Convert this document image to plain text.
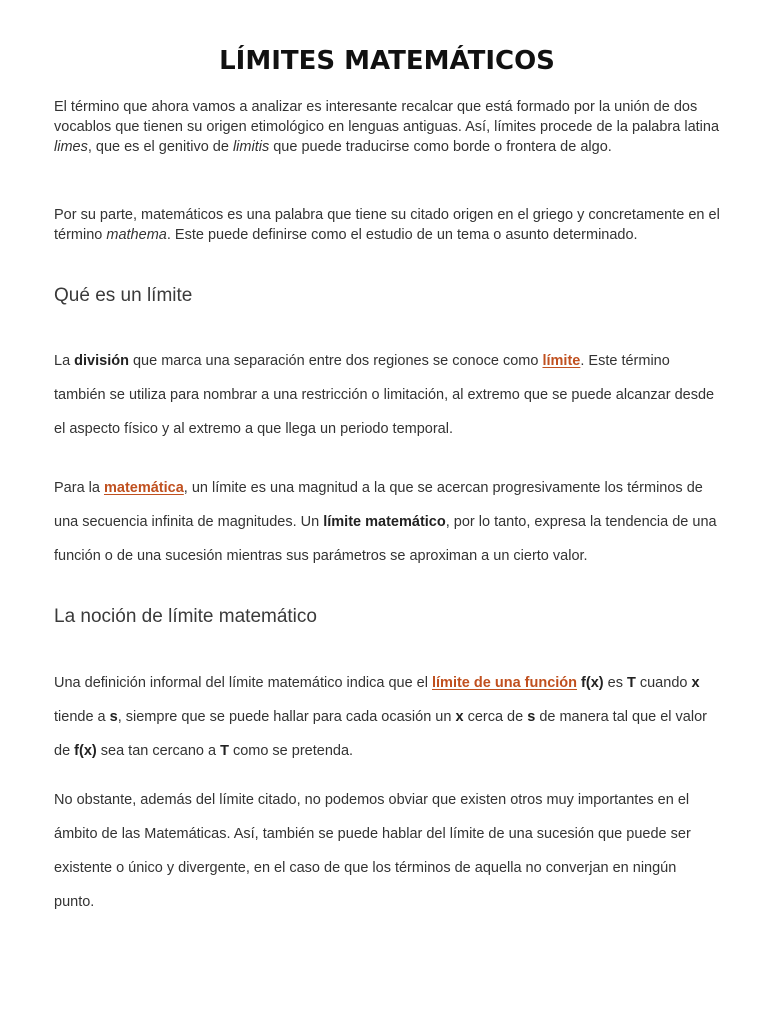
LÍMITES MATEMÁTICOS

El término que ahora vamos a analizar es interesante recalcar que está formado por la unión de dos vocablos que tienen su origen etimológico en lenguas antiguas. Así, límites procede de la palabra latina limes, que es el genitivo de limitis que puede traducirse como borde o frontera de algo.

Por su parte, matemáticos es una palabra que tiene su citado origen en el griego y concretamente en el término mathema. Este puede definirse como el estudio de un tema o asunto determinado.

Qué es un límite

La división que marca una separación entre dos regiones se conoce como límite. Este término también se utiliza para nombrar a una restricción o limitación, al extremo que se puede alcanzar desde el aspecto físico y al extremo a que llega un periodo temporal.

Para la matemática, un límite es una magnitud a la que se acercan progresivamente los términos de una secuencia infinita de magnitudes. Un límite matemático, por lo tanto, expresa la tendencia de una función o de una sucesión mientras sus parámetros se aproximan a un cierto valor.

La noción de límite matemático

Una definición informal del límite matemático indica que el límite de una función f(x) es T cuando x tiende a s, siempre que se puede hallar para cada ocasión un x cerca de s de manera tal que el valor de f(x) sea tan cercano a T como se pretenda.

No obstante, además del límite citado, no podemos obviar que existen otros muy importantes en el ámbito de las Matemáticas. Así, también se puede hablar del límite de una sucesión que puede ser existente o único y divergente, en el caso de que los términos de aquella no converjan en ningún punto.
